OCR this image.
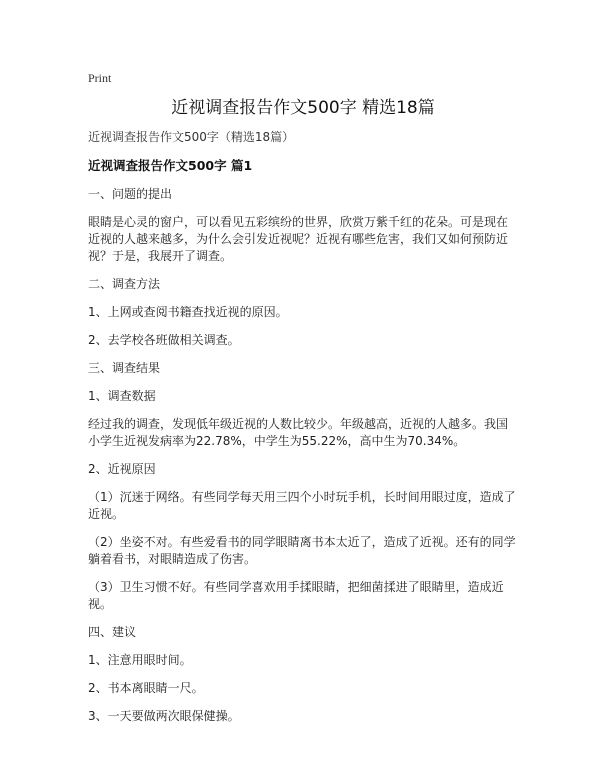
Print
近视调查报告作文500字 精选18篇
近视调查报告作文500字（精选18篇）
近视调查报告作文500字 篇1

一、问题的提出

眼睛是心灵的窗户，可以看见五彩缤纷的世界，欣赏万紫千红的花朵。可是现在近视的人越来越多，为什么会引发近视呢？近视有哪些危害，我们又如何预防近视？于是，我展开了调查。

二、调查方法

1、上网或查阅书籍查找近视的原因。

2、去学校各班做相关调查。

三、调查结果

1、调查数据

经过我的调查，发现低年级近视的人数比较少。年级越高，近视的人越多。我国小学生近视发病率为22.78%，中学生为55.22%，高中生为70.34%。

2、近视原因

（1）沉迷于网络。有些同学每天用三四个小时玩手机，长时间用眼过度，造成了近视。

（2）坐姿不对。有些爱看书的同学眼睛离书本太近了，造成了近视。还有的同学躺着看书，对眼睛造成了伤害。

（3）卫生习惯不好。有些同学喜欢用手揉眼睛，把细菌揉进了眼睛里，造成近视。

四、建议

1、注意用眼时间。

2、书本离眼睛一尺。

3、一天要做两次眼保健操。
